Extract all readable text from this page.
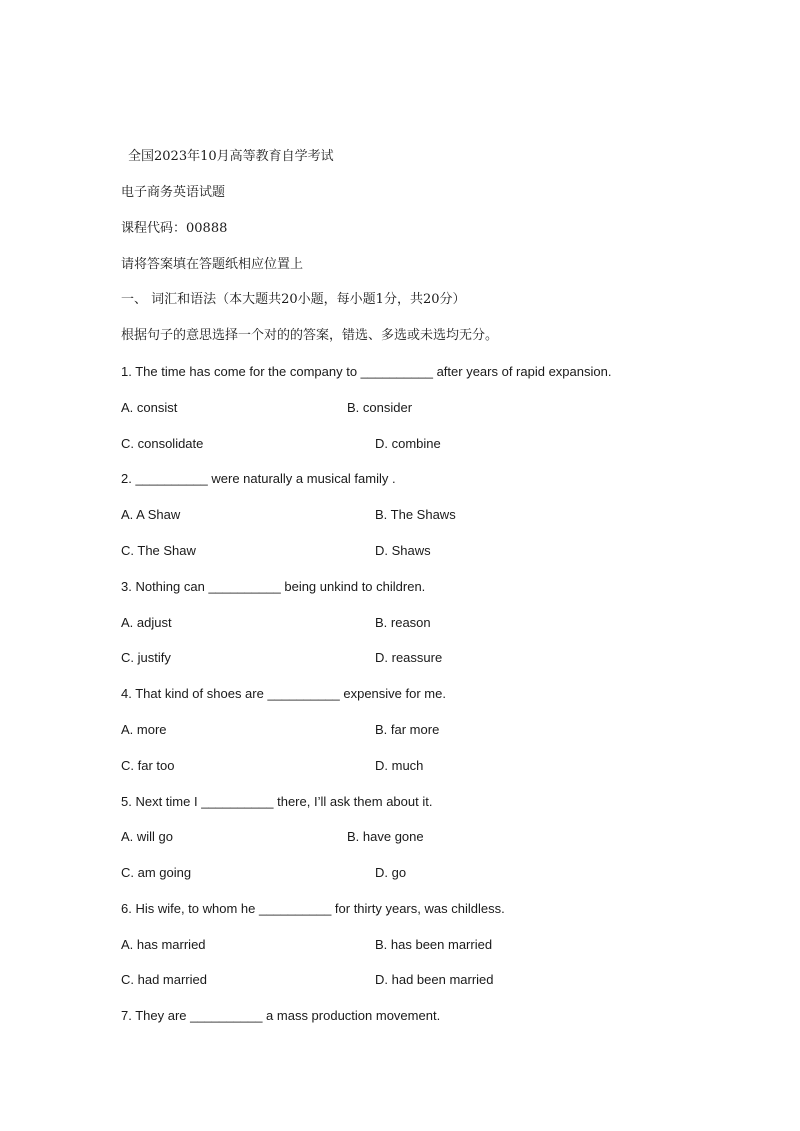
全国2023年10月高等教育自学考试
电子商务英语试题
课程代码：00888
请将答案填在答题纸相应位置上
一、 词汇和语法（本大题共20小题，每小题1分，共20分）
根据句子的意思选择一个对的的答案，错选、多选或未选均无分。
1. The time has come for the company to __________ after years of rapid expansion.
A. consist	B. consider
C. consolidate	D. combine
2. __________ were naturally a musical family .
A. A Shaw	B. The Shaws
C. The Shaw	D. Shaws
3. Nothing can __________ being unkind to children.
A. adjust	B. reason
C. justify	D. reassure
4. That kind of shoes are __________ expensive for me.
A. more	B. far more
C. far too	D. much
5. Next time I __________ there, I’ll ask them about it.
A. will go	B. have gone
C. am going	D. go
6. His wife, to whom he __________ for thirty years, was childless.
A. has married	B. has been married
C. had married	D. had been married
7. They are __________ a mass production movement.
